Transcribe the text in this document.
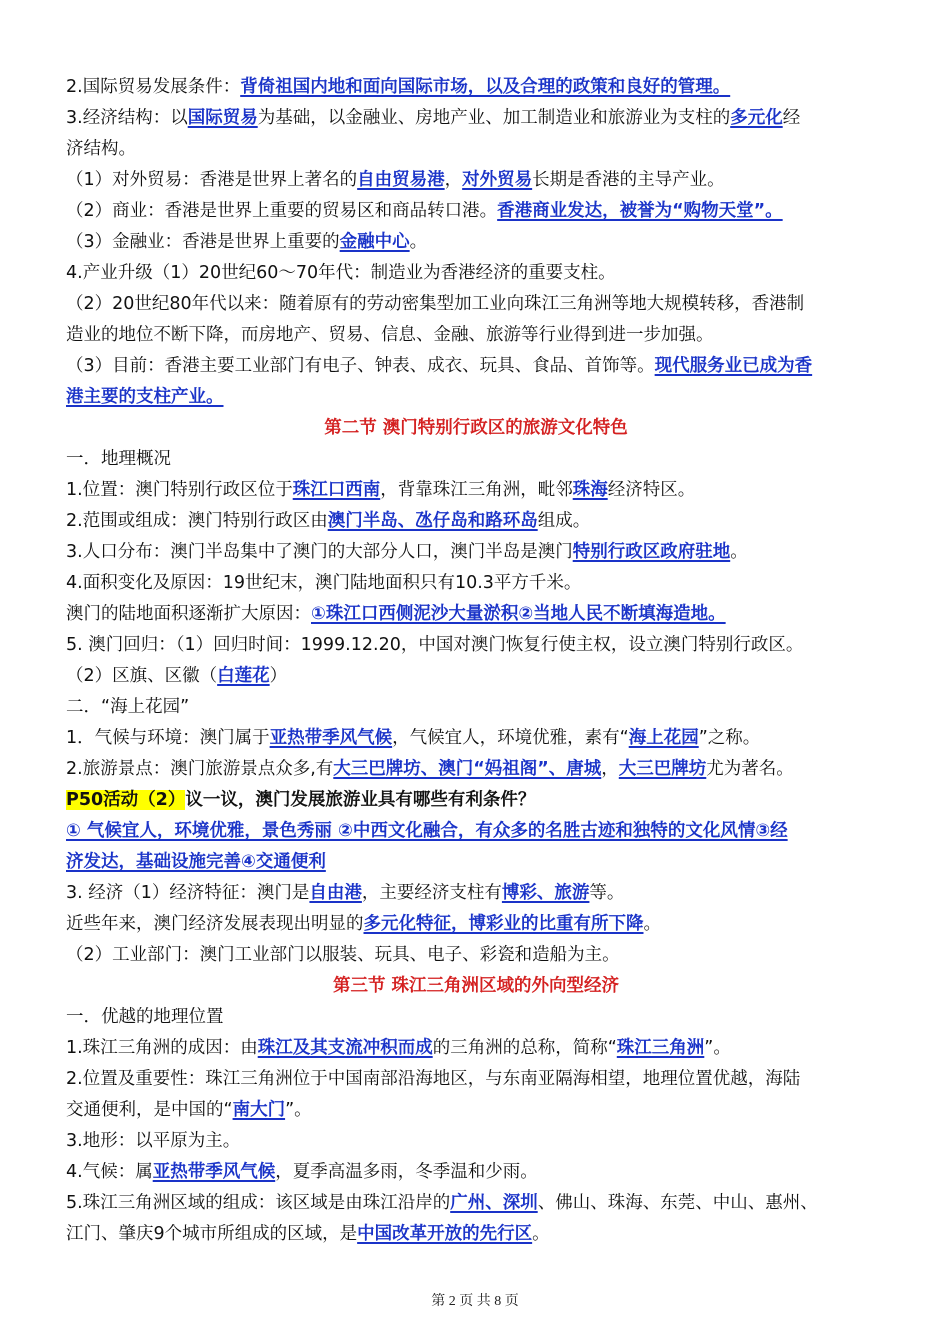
2.国际贸易发展条件：背倚祖国内地和面向国际市场，以及合理的政策和良好的管理。
3.经济结构：以国际贸易为基础，以金融业、房地产业、加工制造业和旅游业为支柱的多元化经
济结构。
（1）对外贸易：香港是世界上著名的自由贸易港，对外贸易长期是香港的主导产业。
（2）商业：香港是世界上重要的贸易区和商品转口港。香港商业发达，被誉为“购物天堂”。
（3）金融业：香港是世界上重要的金融中心。
4.产业升级（1）20世纪60～70年代：制造业为香港经济的重要支柱。
（2）20世纪80年代以来：随着原有的劳动密集型加工业向珠江三角洲等地大规模转移，香港制
造业的地位不断下降，而房地产、贸易、信息、金融、旅游等行业得到进一步加强。
（3）目前：香港主要工业部门有电子、钟表、成衣、玩具、食品、首饰等。现代服务业已成为香
港主要的支柱产业。
第二节 澳门特别行政区的旅游文化特色
一．地理概况
1.位置：澳门特别行政区位于珠江口西南，背靠珠江三角洲，毗邻珠海经济特区。
2.范围或组成：澳门特别行政区由澳门半岛、氹仔岛和路环岛组成。
3.人口分布：澳门半岛集中了澳门的大部分人口，澳门半岛是澳门特别行政区政府驻地。
4.面积变化及原因：19世纪末，澳门陆地面积只有10.3平方千米。
澳门的陆地面积逐渐扩大原因：①珠江口西侧泥沙大量淤积②当地人民不断填海造地。
5. 澳门回归：（1）回归时间：1999.12.20，中国对澳门恢复行使主权，设立澳门特别行政区。
（2）区旗、区徽（白莲花）
二．“海上花园”
1．气候与环境：澳门属于亚热带季风气候，气候宜人，环境优雅，素有“海上花园”之称。
2.旅游景点：澳门旅游景点众多,有大三巴牌坊、澳门“妈祖阁”、唐城，大三巴牌坊尤为著名。
P50活动（2）议一议，澳门发展旅游业具有哪些有利条件？
① 气候宜人，环境优雅，景色秀丽 ②中西文化融合，有众多的名胜古迹和独特的文化风情③经
济发达，基础设施完善④交通便利
3. 经济（1）经济特征：澳门是自由港，主要经济支柱有博彩、旅游等。
近些年来，澳门经济发展表现出明显的多元化特征，博彩业的比重有所下降。
（2）工业部门：澳门工业部门以服装、玩具、电子、彩瓷和造船为主。
第三节 珠江三角洲区域的外向型经济
一．优越的地理位置
1.珠江三角洲的成因：由珠江及其支流冲积而成的三角洲的总称，简称“珠江三角洲”。
2.位置及重要性：珠江三角洲位于中国南部沿海地区，与东南亚隔海相望，地理位置优越，海陆
交通便利，是中国的“南大门”。
3.地形：以平原为主。
4.气候：属亚热带季风气候，夏季高温多雨，冬季温和少雨。
5.珠江三角洲区域的组成：该区域是由珠江沿岸的广州、深圳、佛山、珠海、东莞、中山、惠州、
江门、肇庆9个城市所组成的区域，是中国改革开放的先行区。
第 2 页 共 8 页
